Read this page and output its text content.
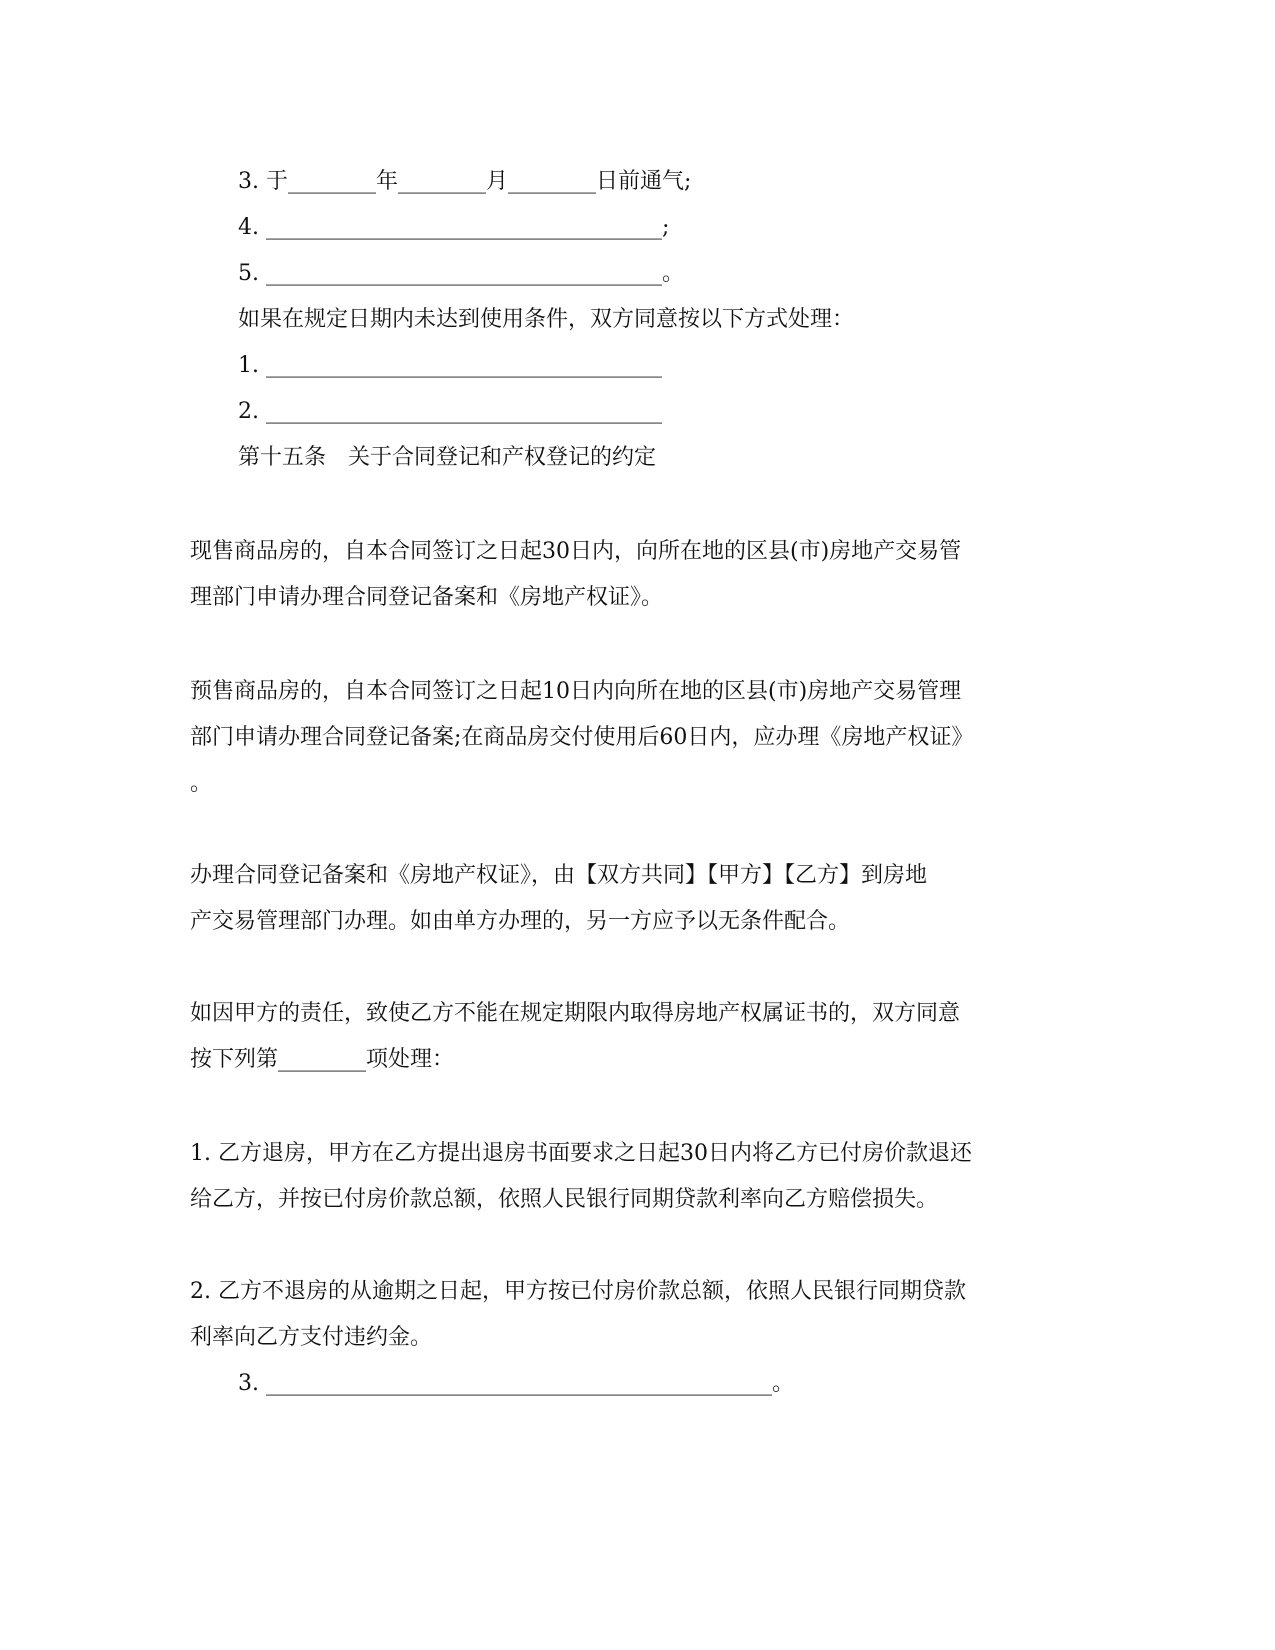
3. 于________年________月________日前通气;
4. ____________________________________;
5. ____________________________________。
如果在规定日期内未达到使用条件，双方同意按以下方式处理：
1. ____________________________________
2. ____________________________________
第十五条　关于合同登记和产权登记的约定
现售商品房的，自本合同签订之日起30日内，向所在地的区县(市)房地产交易管
理部门申请办理合同登记备案和《房地产权证》。
预售商品房的，自本合同签订之日起10日内向所在地的区县(市)房地产交易管理
部门申请办理合同登记备案;在商品房交付使用后60日内，应办理《房地产权证》
。
办理合同登记备案和《房地产权证》，由【双方共同】【甲方】【乙方】到房地
产交易管理部门办理。如由单方办理的，另一方应予以无条件配合。
如因甲方的责任，致使乙方不能在规定期限内取得房地产权属证书的，双方同意
按下列第________项处理：
1. 乙方退房，甲方在乙方提出退房书面要求之日起30日内将乙方已付房价款退还
给乙方，并按已付房价款总额，依照人民银行同期贷款利率向乙方赔偿损失。
2. 乙方不退房的从逾期之日起，甲方按已付房价款总额，依照人民银行同期贷款
利率向乙方支付违约金。
3. ______________________________________________。
